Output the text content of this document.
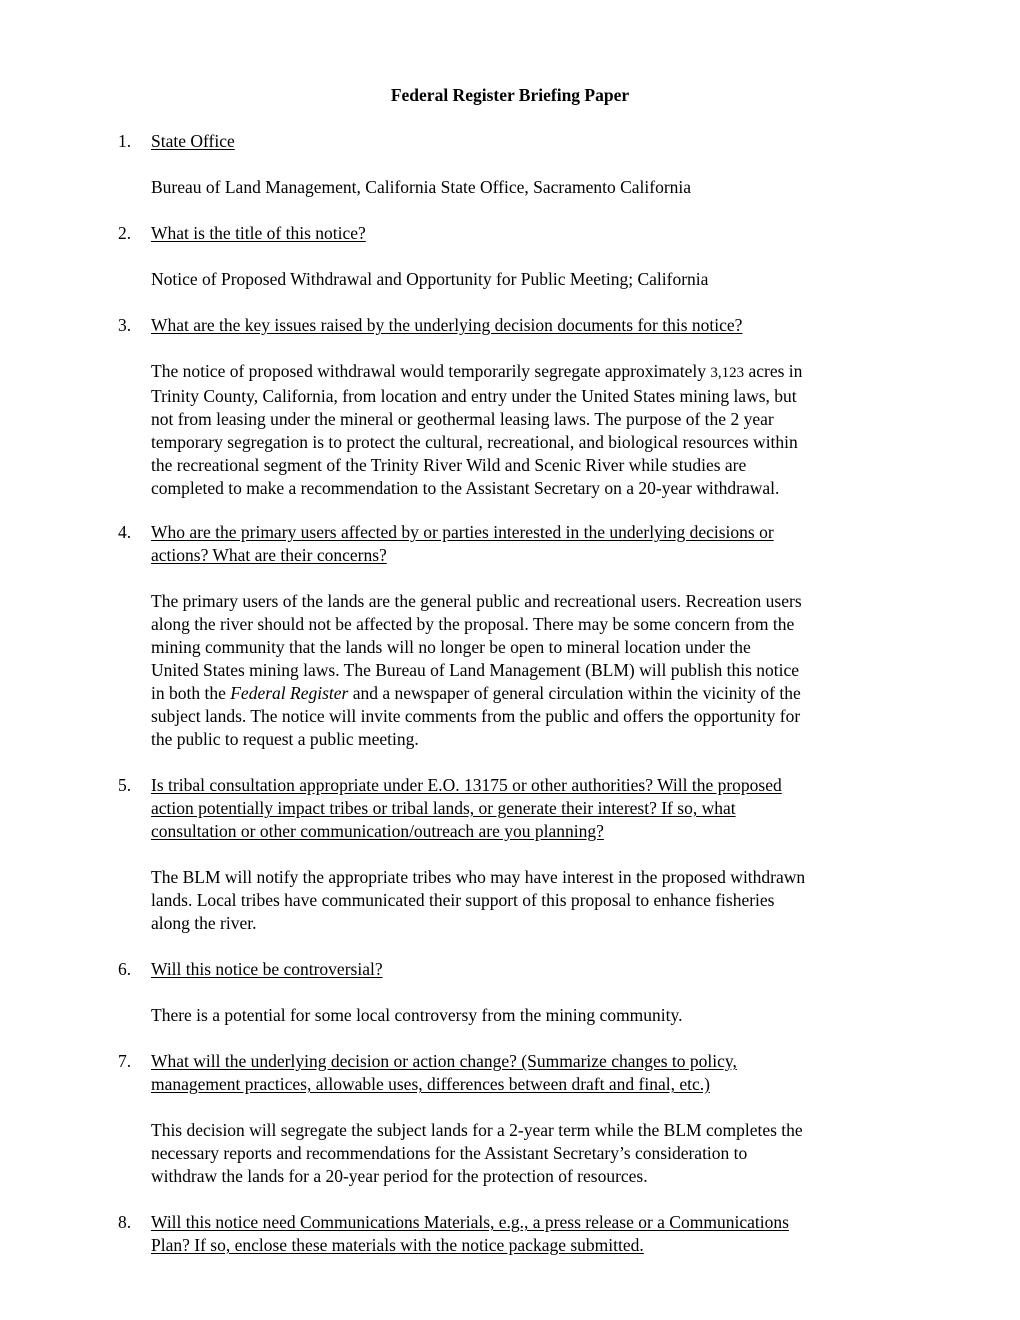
Federal Register Briefing Paper
1. State Office
Bureau of Land Management, California State Office, Sacramento California
2. What is the title of this notice?
Notice of Proposed Withdrawal and Opportunity for Public Meeting; California
3. What are the key issues raised by the underlying decision documents for this notice?
The notice of proposed withdrawal would temporarily segregate approximately 3,123 acres in
Trinity County, California, from location and entry under the United States mining laws, but
not from leasing under the mineral or geothermal leasing laws. The purpose of the 2 year
temporary segregation is to protect the cultural, recreational, and biological resources within
the recreational segment of the Trinity River Wild and Scenic River while studies are
completed to make a recommendation to the Assistant Secretary on a 20-year withdrawal.
4. Who are the primary users affected by or parties interested in the underlying decisions or
actions? What are their concerns?
The primary users of the lands are the general public and recreational users. Recreation users
along the river should not be affected by the proposal. There may be some concern from the
mining community that the lands will no longer be open to mineral location under the
United States mining laws. The Bureau of Land Management (BLM) will publish this notice
in both the Federal Register and a newspaper of general circulation within the vicinity of the
subject lands. The notice will invite comments from the public and offers the opportunity for
the public to request a public meeting.
5. Is tribal consultation appropriate under E.O. 13175 or other authorities? Will the proposed
action potentially impact tribes or tribal lands, or generate their interest? If so, what
consultation or other communication/outreach are you planning?
The BLM will notify the appropriate tribes who may have interest in the proposed withdrawn
lands. Local tribes have communicated their support of this proposal to enhance fisheries
along the river.
6. Will this notice be controversial?
There is a potential for some local controversy from the mining community.
7. What will the underlying decision or action change? (Summarize changes to policy,
management practices, allowable uses, differences between draft and final, etc.)
This decision will segregate the subject lands for a 2-year term while the BLM completes the
necessary reports and recommendations for the Assistant Secretary’s consideration to
withdraw the lands for a 20-year period for the protection of resources.
8. Will this notice need Communications Materials, e.g., a press release or a Communications
Plan? If so, enclose these materials with the notice package submitted.
